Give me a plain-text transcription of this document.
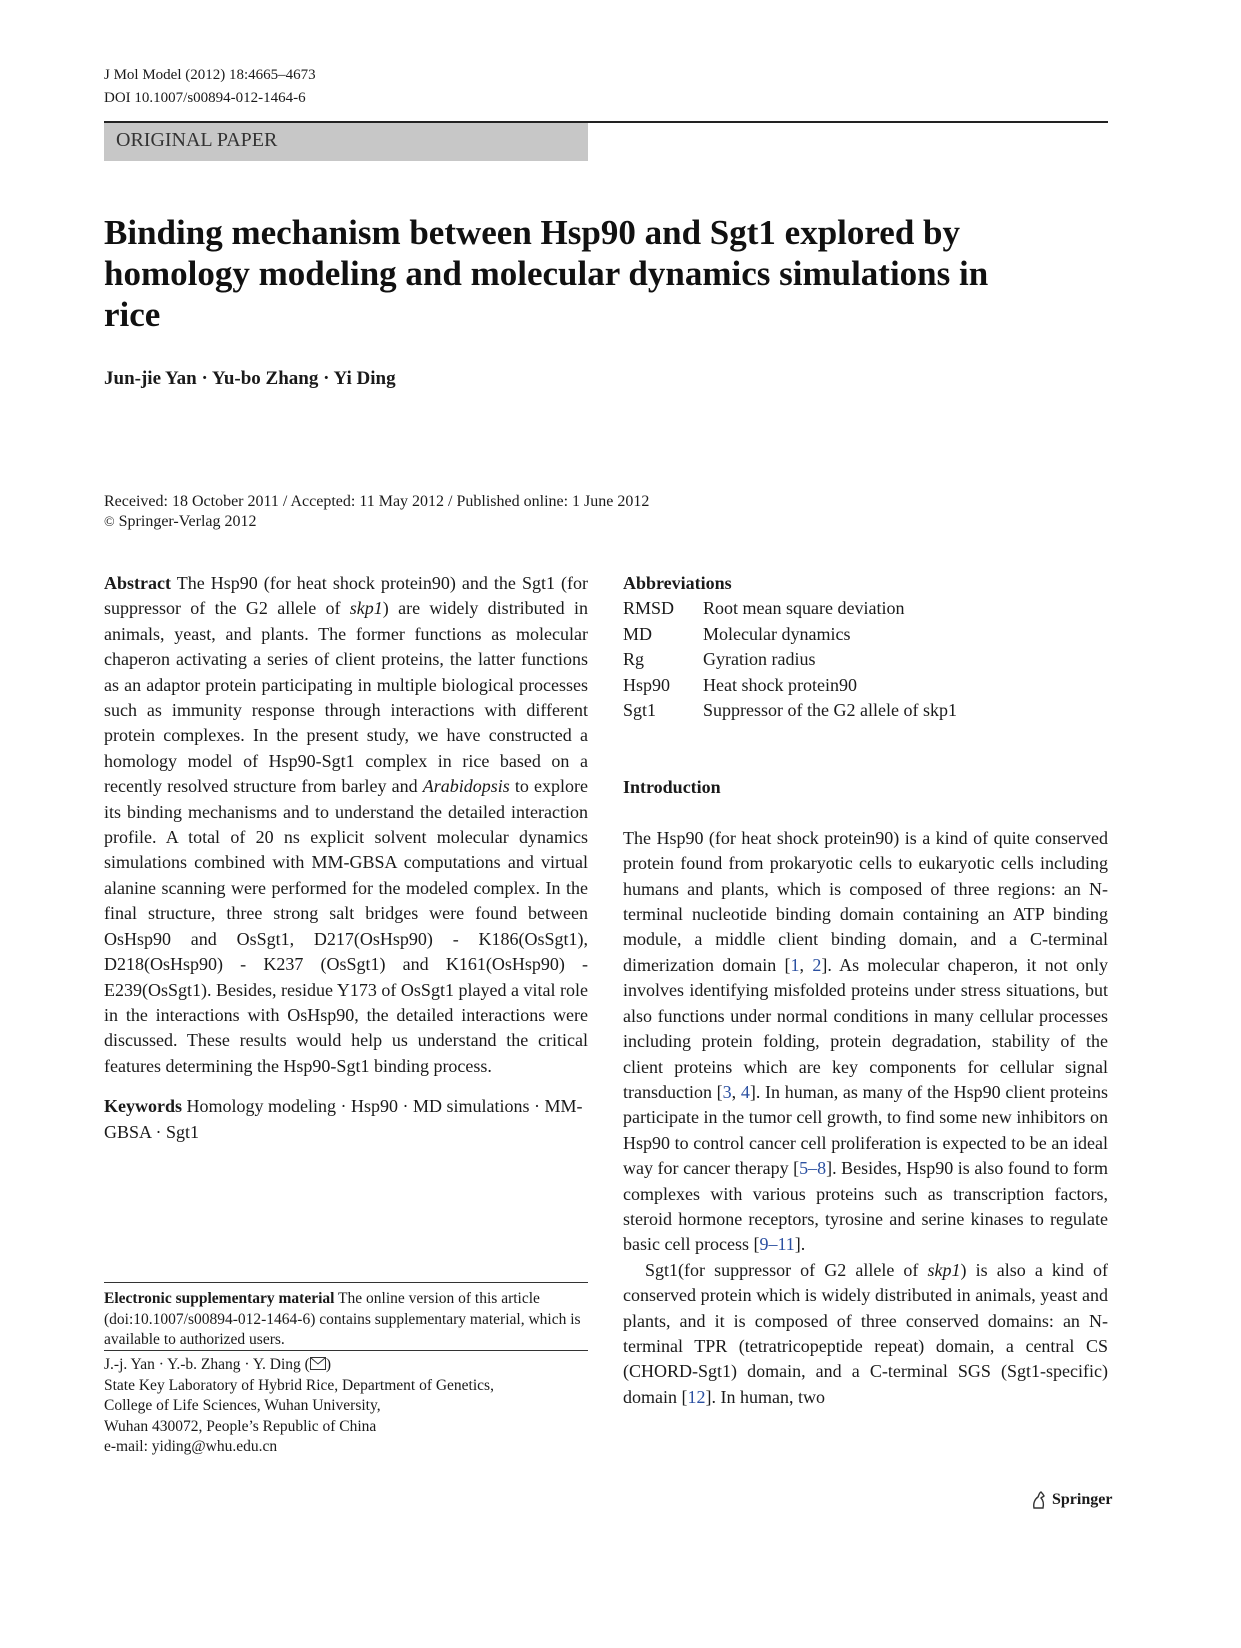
J Mol Model (2012) 18:4665–4673
DOI 10.1007/s00894-012-1464-6
ORIGINAL PAPER
Binding mechanism between Hsp90 and Sgt1 explored by homology modeling and molecular dynamics simulations in rice
Jun-jie Yan · Yu-bo Zhang · Yi Ding
Received: 18 October 2011 / Accepted: 11 May 2012 / Published online: 1 June 2012
© Springer-Verlag 2012

Abstract The Hsp90 (for heat shock protein90) and the Sgt1 (for suppressor of the G2 allele of skp1) are widely distributed in animals, yeast, and plants. The former functions as molecular chaperon activating a series of client proteins, the latter functions as an adaptor protein participating in multiple biological processes such as immunity response through interactions with different protein complexes. In the present study, we have constructed a homology model of Hsp90-Sgt1 complex in rice based on a recently resolved structure from barley and Arabidopsis to explore its binding mechanisms and to understand the detailed interaction profile. A total of 20 ns explicit solvent molecular dynamics simulations combined with MM-GBSA computations and virtual alanine scanning were performed for the modeled complex. In the final structure, three strong salt bridges were found between OsHsp90 and OsSgt1, D217(OsHsp90) - K186(OsSgt1), D218(OsHsp90) - K237 (OsSgt1) and K161(OsHsp90) - E239(OsSgt1). Besides, residue Y173 of OsSgt1 played a vital role in the interactions with OsHsp90, the detailed interactions were discussed. These results would help us understand the critical features determining the Hsp90-Sgt1 binding process.

Keywords Homology modeling · Hsp90 · MD simulations · MM-GBSA · Sgt1

Electronic supplementary material The online version of this article (doi:10.1007/s00894-012-1464-6) contains supplementary material, which is available to authorized users.
J.-j. Yan · Y.-b. Zhang · Y. Ding ( )
State Key Laboratory of Hybrid Rice, Department of Genetics,
College of Life Sciences, Wuhan University,
Wuhan 430072, People’s Republic of China
e-mail: yiding@whu.edu.cn
Abbreviations
RMSD	Root mean square deviation
MD	Molecular dynamics
Rg	Gyration radius
Hsp90	Heat shock protein90
Sgt1	Suppressor of the G2 allele of skp1
Introduction

The Hsp90 (for heat shock protein90) is a kind of quite conserved protein found from prokaryotic cells to eukaryotic cells including humans and plants, which is composed of three regions: an N-terminal nucleotide binding domain containing an ATP binding module, a middle client binding domain, and a C-terminal dimerization domain [1, 2]. As molecular chaperon, it not only involves identifying misfolded proteins under stress situations, but also functions under normal conditions in many cellular processes including protein folding, protein degradation, stability of the client proteins which are key components for cellular signal transduction [3, 4]. In human, as many of the Hsp90 client proteins participate in the tumor cell growth, to find some new inhibitors on Hsp90 to control cancer cell proliferation is expected to be an ideal way for cancer therapy [5–8]. Besides, Hsp90 is also found to form complexes with various proteins such as transcription factors, steroid hormone receptors, tyrosine and serine kinases to regulate basic cell process [9–11].

Sgt1(for suppressor of G2 allele of skp1) is also a kind of conserved protein which is widely distributed in animals, yeast and plants, and it is composed of three conserved domains: an N-terminal TPR (tetratricopeptide repeat) domain, a central CS (CHORD-Sgt1) domain, and a C-terminal SGS (Sgt1-specific) domain [12]. In human, two

Springer
